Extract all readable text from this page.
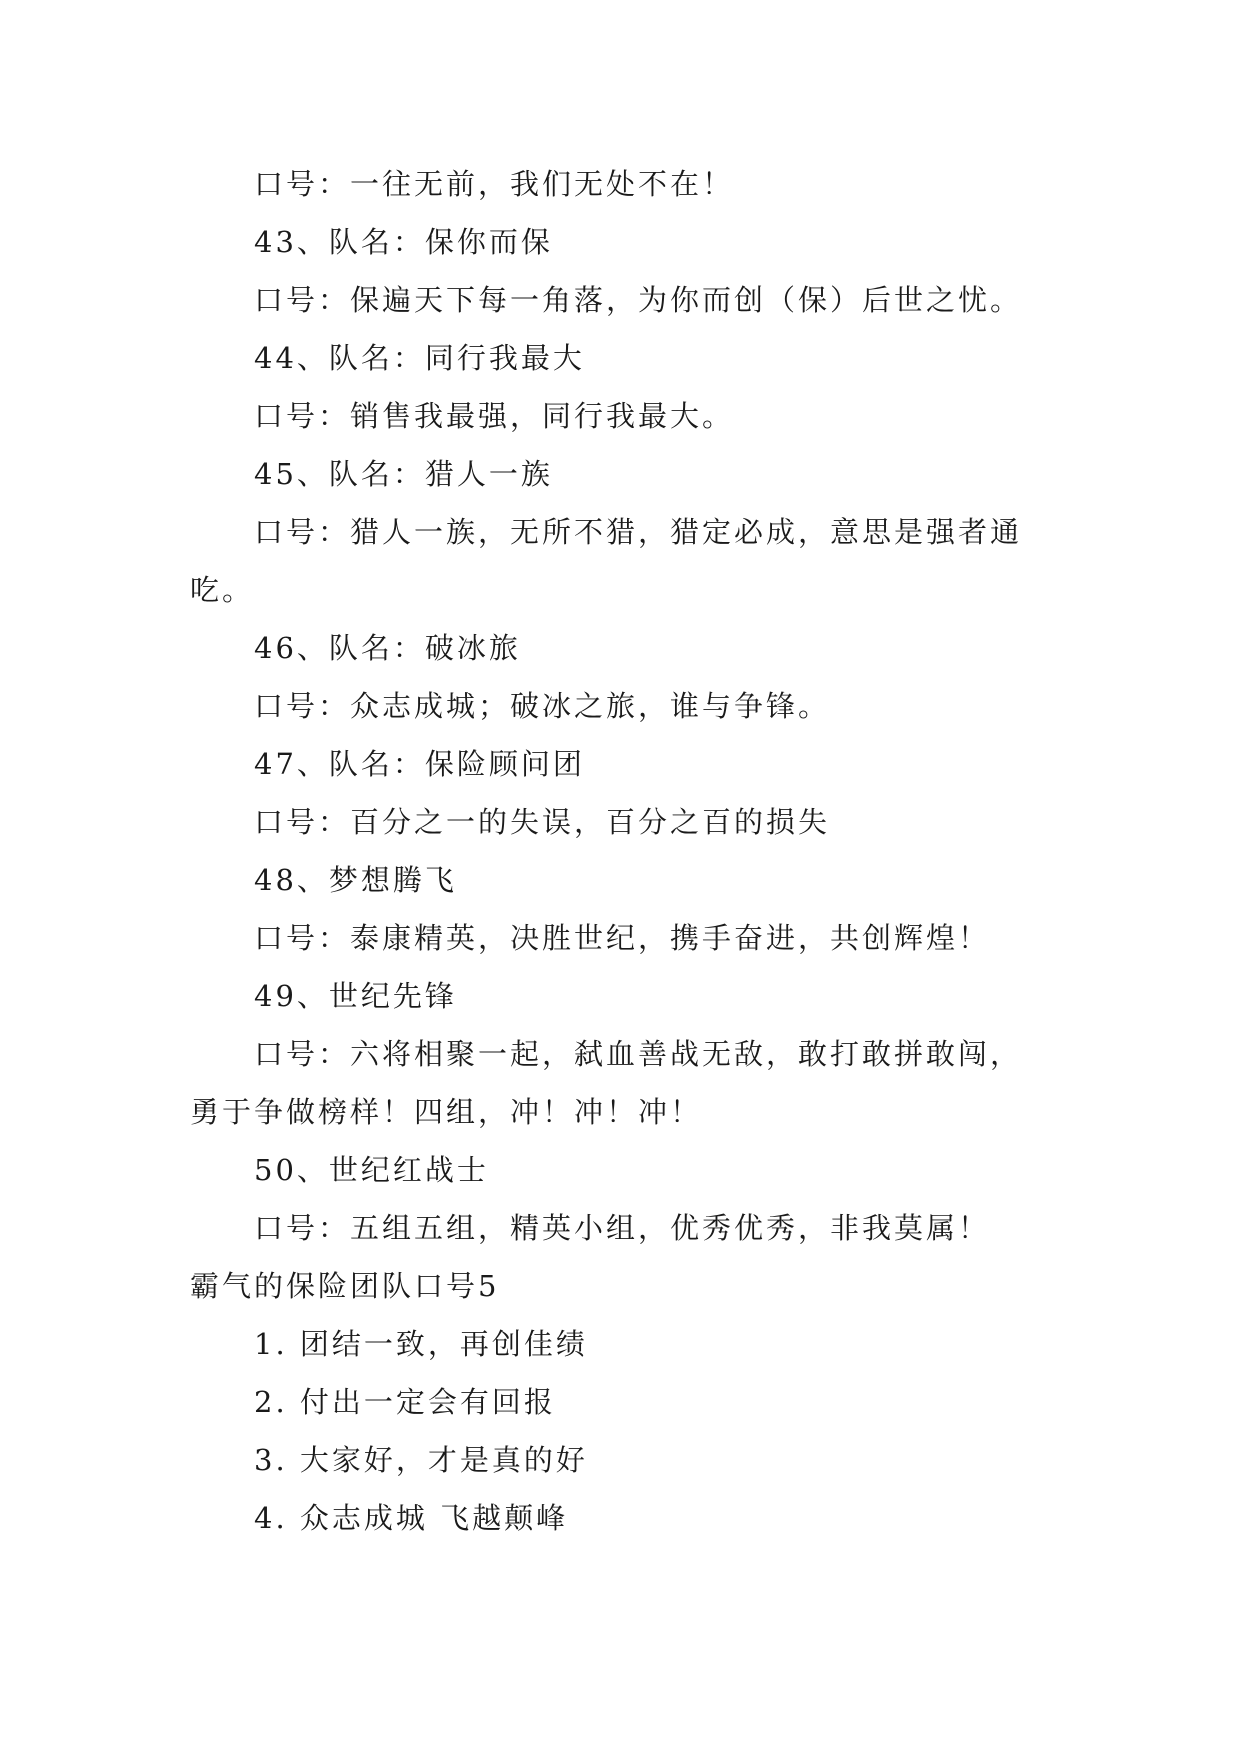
口号：一往无前，我们无处不在！
43、队名：保你而保
口号：保遍天下每一角落，为你而创（保）后世之忧。
44、队名：同行我最大
口号：销售我最强，同行我最大。
45、队名：猎人一族
口号：猎人一族，无所不猎，猎定必成，意思是强者通
吃。
46、队名：破冰旅
口号：众志成城；破冰之旅，谁与争锋。
47、队名：保险顾问团
口号：百分之一的失误，百分之百的损失
48、梦想腾飞
口号：泰康精英，决胜世纪，携手奋进，共创辉煌！
49、世纪先锋
口号：六将相聚一起，弑血善战无敌，敢打敢拼敢闯，
勇于争做榜样！四组，冲！冲！冲！
50、世纪红战士
口号：五组五组，精英小组，优秀优秀，非我莫属！
霸气的保险团队口号5
1. 团结一致，再创佳绩
2. 付出一定会有回报
3. 大家好，才是真的好
4. 众志成城 飞越颠峰
